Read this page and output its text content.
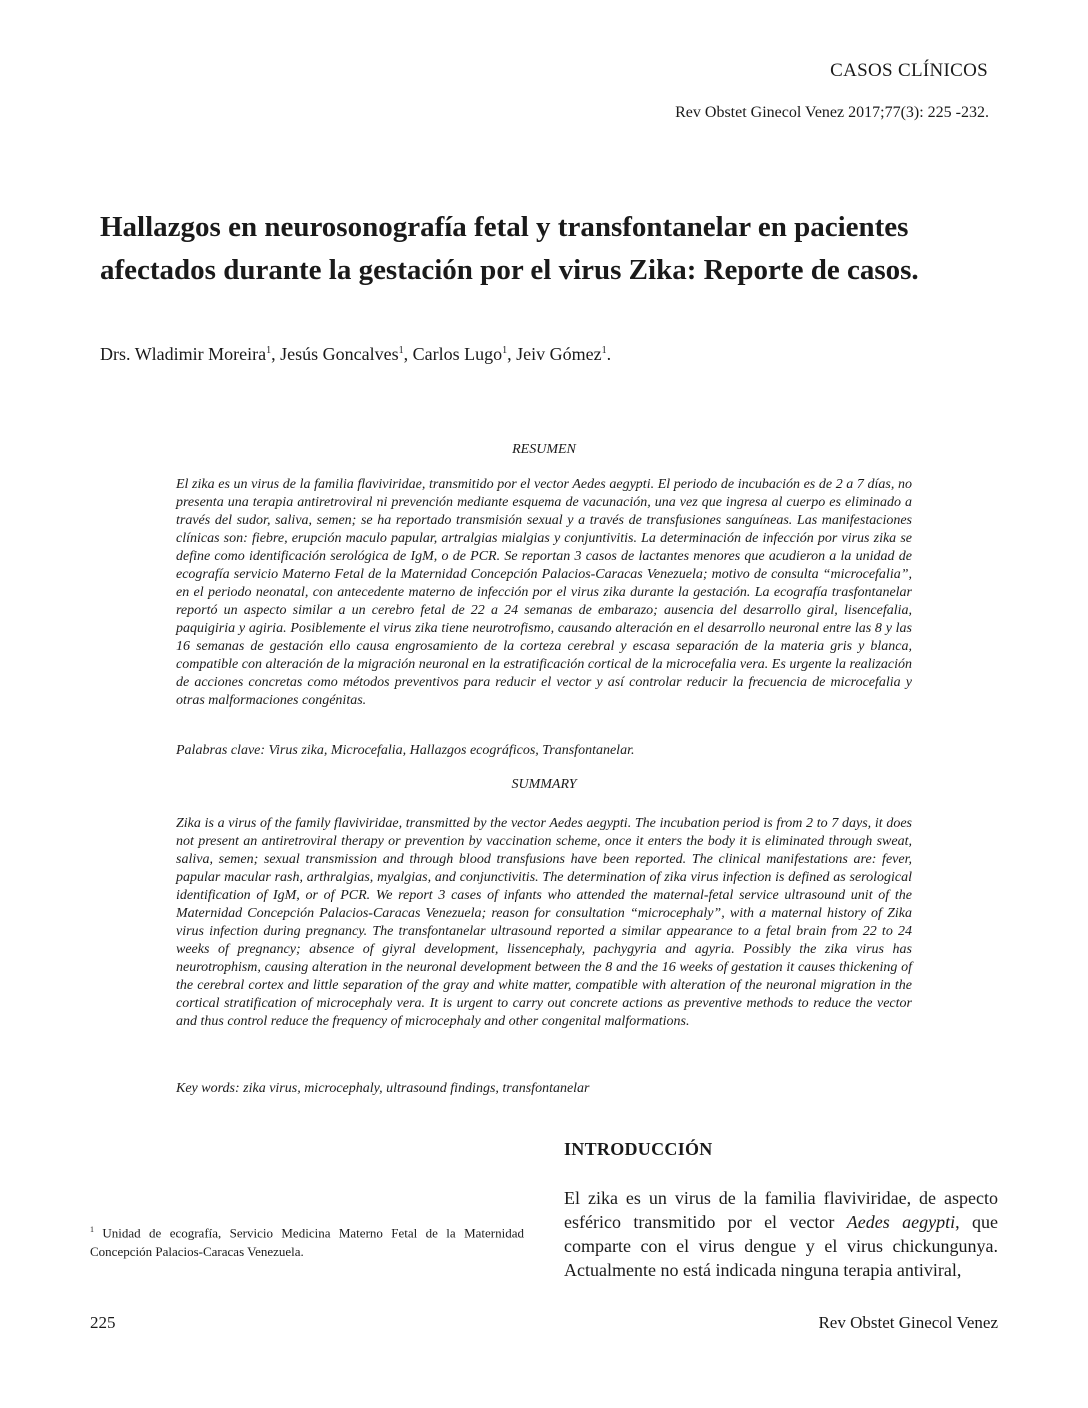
CASOS CLÍNICOS
Rev Obstet Ginecol Venez 2017;77(3): 225 -232.
Hallazgos en neurosonografía fetal y transfontanelar en pacientes afectados durante la gestación por el virus Zika: Reporte de casos.
Drs. Wladimir Moreira$^1$, Jesús Goncalves$^1$, Carlos Lugo$^1$, Jeiv Gómez$^1$.
RESUMEN
El zika es un virus de la familia flaviviridae, transmitido por el vector Aedes aegypti. El periodo de incubación es de 2 a 7 días, no presenta una terapia antiretroviral ni prevención mediante esquema de vacunación, una vez que ingresa al cuerpo es eliminado a través del sudor, saliva, semen; se ha reportado transmisión sexual y a través de transfusiones sanguíneas. Las manifestaciones clínicas son: fiebre, erupción maculo papular, artralgias mialgias y conjuntivitis. La determinación de infección por virus zika se define como identificación serológica de IgM, o de PCR. Se reportan 3 casos de lactantes menores que acudieron a la unidad de ecografía servicio Materno Fetal de la Maternidad Concepción Palacios-Caracas Venezuela; motivo de consulta “microcefalia”, en el periodo neonatal, con antecedente materno de infección por el virus zika durante la gestación. La ecografía trasfontanelar reportó un aspecto similar a un cerebro fetal de 22 a 24 semanas de embarazo; ausencia del desarrollo giral, lisencefalia, paquigiria y agiria. Posiblemente el virus zika tiene neurotrofismo, causando alteración en el desarrollo neuronal entre las 8 y las 16 semanas de gestación ello causa engrosamiento de la corteza cerebral y escasa separación de la materia gris y blanca, compatible con alteración de la migración neuronal en la estratificación cortical de la microcefalia vera. Es urgente la realización de acciones concretas como métodos preventivos para reducir el vector y así controlar reducir la frecuencia de microcefalia y otras malformaciones congénitas.
Palabras clave: Virus zika, Microcefalia, Hallazgos ecográficos, Transfontanelar.
SUMMARY
Zika is a virus of the family flaviviridae, transmitted by the vector Aedes aegypti. The incubation period is from 2 to 7 days, it does not present an antiretroviral therapy or prevention by vaccination scheme, once it enters the body it is eliminated through sweat, saliva, semen; sexual transmission and through blood transfusions have been reported. The clinical manifestations are: fever, papular macular rash, arthralgias, myalgias, and conjunctivitis. The determination of zika virus infection is defined as serological identification of IgM, or of PCR. We report 3 cases of infants who attended the maternal-fetal service ultrasound unit of the Maternidad Concepción Palacios-Caracas Venezuela; reason for consultation “microcephaly”, with a maternal history of Zika virus infection during pregnancy. The transfontanelar ultrasound reported a similar appearance to a fetal brain from 22 to 24 weeks of pregnancy; absence of giyral development, lissencephaly, pachygyria and agyria. Possibly the zika virus has neurotrophism, causing alteration in the neuronal development between the 8 and the 16 weeks of gestation it causes thickening of the cerebral cortex and little separation of the gray and white matter, compatible with alteration of the neuronal migration in the cortical stratification of microcephaly vera. It is urgent to carry out concrete actions as preventive methods to reduce the vector and thus control reduce the frequency of microcephaly and other congenital malformations.
Key words: zika virus, microcephaly, ultrasound findings, transfontanelar
INTRODUCCIÓN
El zika es un virus de la familia flaviviridae, de aspecto esférico transmitido por el vector Aedes aegypti, que comparte con el virus dengue y el virus chickungunya. Actualmente no está indicada ninguna terapia antiviral,
$^1$ Unidad de ecografía, Servicio Medicina Materno Fetal de la Maternidad Concepción Palacios-Caracas Venezuela.
225	Rev Obstet Ginecol Venez
